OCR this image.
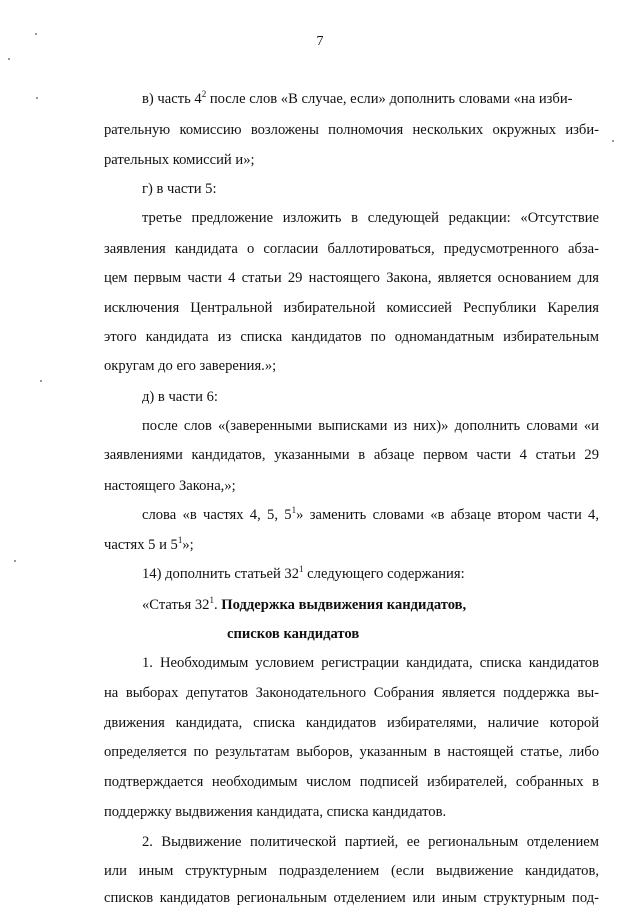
7
в) часть $4^2$ после слов «В случае, если» дополнить словами «на изби-
рательную комиссию возложены полномочия нескольких окружных изби-
рательных комиссий и»;
г) в части 5:
третье предложение изложить в следующей редакции: «Отсутствие
заявления кандидата о согласии баллотироваться, предусмотренного абза-
цем первым части 4 статьи 29 настоящего Закона, является основанием для
исключения Центральной избирательной комиссией Республики Карелия
этого кандидата из списка кандидатов по одномандатным избирательным
округам до его заверения.»;
д) в части 6:
после слов «(заверенными выписками из них)» дополнить словами «и
заявлениями кандидатов, указанными в абзаце первом части 4 статьи 29
настоящего Закона,»;
слова «в частях 4, 5, $5^1$» заменить словами «в абзаце втором части 4,
частях 5 и $5^1$»;
14) дополнить статьей $32^1$ следующего содержания:
«Статья $32^1$. Поддержка выдвижения кандидатов,
списков кандидатов
1. Необходимым условием регистрации кандидата, списка кандидатов
на выборах депутатов Законодательного Собрания является поддержка вы-
движения кандидата, списка кандидатов избирателями, наличие которой
определяется по результатам выборов, указанным в настоящей статье, либо
подтверждается необходимым числом подписей избирателей, собранных в
поддержку выдвижения кандидата, списка кандидатов.
2. Выдвижение политической партией, ее региональным отделением
или иным структурным подразделением (если выдвижение кандидатов,
списков кандидатов региональным отделением или иным структурным под-
